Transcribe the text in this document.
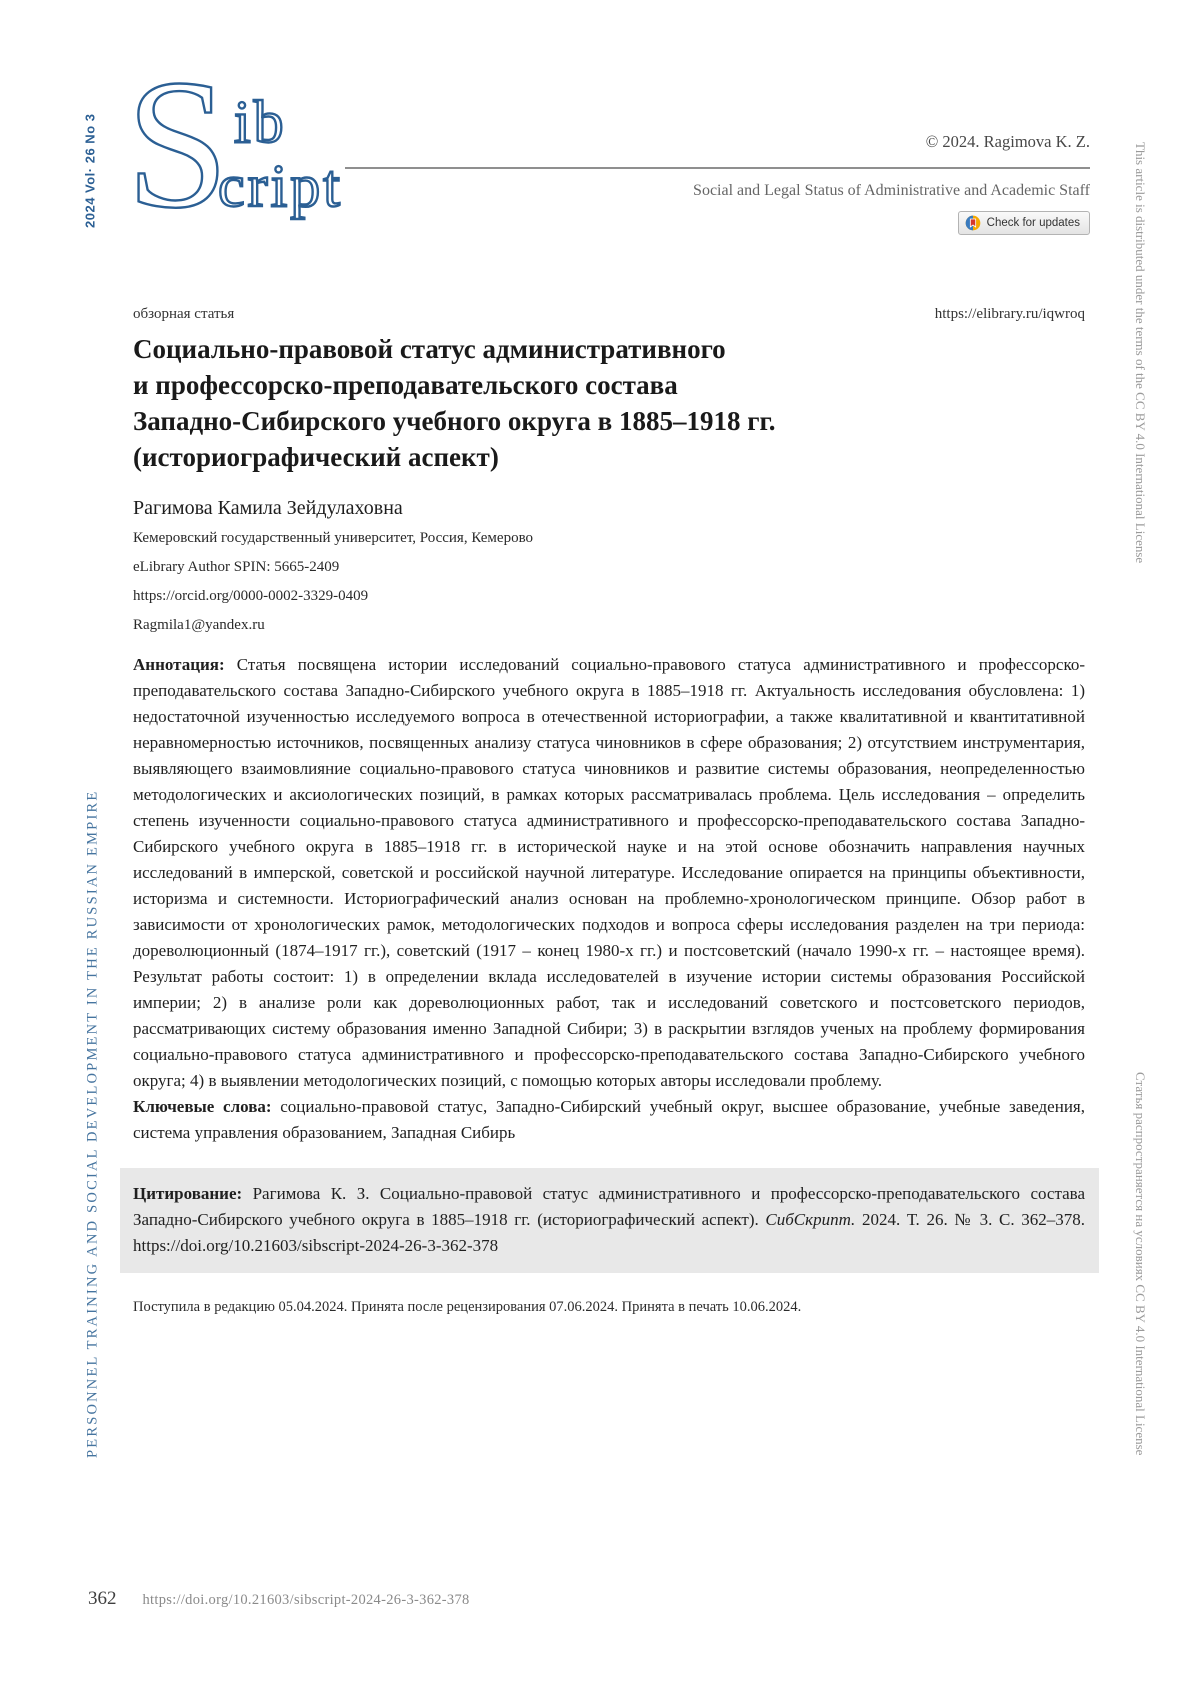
2024 Vol· 26 No 3
PERSONNEL TRAINING AND SOCIAL DEVELOPMENT IN THE RUSSIAN EMPIRE
This article is distributed under the terms of the CC BY 4.0 International License
Статья распространяется на условиях CC BY 4.0 International License
S ib
cript
© 2024. Ragimova K. Z.
Social and Legal Status of Administrative and Academic Staff
Check for updates
обзорная статья	https://elibrary.ru/iqwroq
Социально-правовой статус административного
и профессорско-преподавательского состава
Западно-Сибирского учебного округа в 1885–1918 гг.
(историографический аспект)
Рагимова Камила Зейдулаховна
Кемеровский государственный университет, Россия, Кемерово
eLibrary Author SPIN: 5665-2409
https://orcid.org/0000-0002-3329-0409
Ragmila1@yandex.ru

Аннотация: Статья посвящена истории исследований социально-правового статуса административного и профессорско-преподавательского состава Западно-Сибирского учебного округа в 1885–1918 гг. Актуальность исследования обусловлена: 1) недостаточной изученностью исследуемого вопроса в отечественной историографии, а также квалитативной и квантитативной неравномерностью источников, посвященных анализу статуса чиновников в сфере образования; 2) отсутствием инструментария, выявляющего взаимовлияние социально-правового статуса чиновников и развитие системы образования, неопределенностью методологических и аксиологических позиций, в рамках которых рассматривалась проблема. Цель исследования – определить степень изученности социально-правового статуса административного и профессорско-преподавательского состава Западно-Сибирского учебного округа в 1885–1918 гг. в исторической науке и на этой основе обозначить направления научных исследований в имперской, советской и российской научной литературе. Исследование опирается на принципы объективности, историзма и системности. Историографический анализ основан на проблемно-хронологическом принципе. Обзор работ в зависимости от хронологических рамок, методологических подходов и вопроса сферы исследования разделен на три периода: дореволюционный (1874–1917 гг.), советский (1917 – конец 1980-х гг.) и постсоветский (начало 1990-х гг. – настоящее время). Результат работы состоит: 1) в определении вклада исследователей в изучение истории системы образования Российской империи; 2) в анализе роли как дореволюционных работ, так и исследований советского и постсоветского периодов, рассматривающих систему образования именно Западной Сибири; 3) в раскрытии взглядов ученых на проблему формирования социально-правового статуса административного и профессорско-преподавательского состава Западно-Сибирского учебного округа; 4) в выявлении методологических позиций, с помощью которых авторы исследовали проблему.

Ключевые слова: социально-правовой статус, Западно-Сибирский учебный округ, высшее образование, учебные заведения, система управления образованием, Западная Сибирь

Цитирование: Рагимова К. З. Социально-правовой статус административного и профессорско-преподавательского состава Западно-Сибирского учебного округа в 1885–1918 гг. (историографический аспект). СибСкрипт. 2024. Т. 26. № 3. С. 362–378. https://doi.org/10.21603/sibscript-2024-26-3-362-378
Поступила в редакцию 05.04.2024. Принята после рецензирования 07.06.2024. Принята в печать 10.06.2024.
362 https://doi.org/10.21603/sibscript-2024-26-3-362-378
